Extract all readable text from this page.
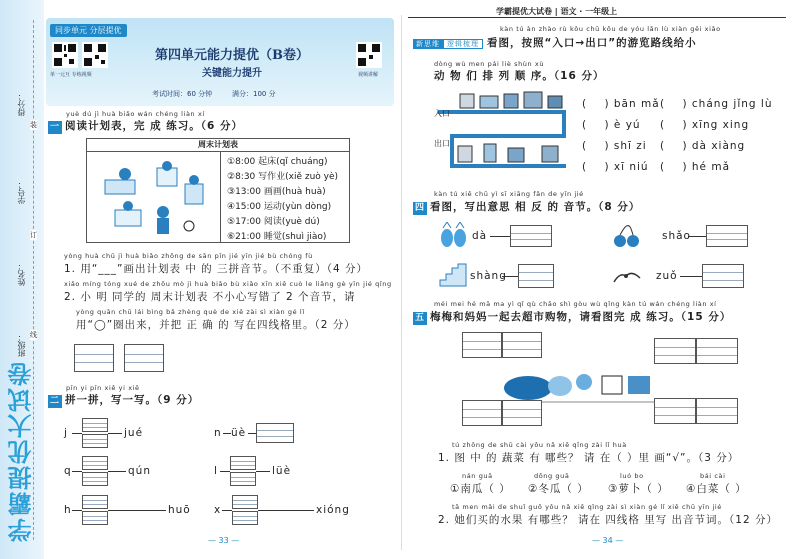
学霸提优大试卷
得分：
学号：
姓名：
班级：
装
订
线
同步单元 分层提优
单一元互 专练视频	视频讲解
第四单元能力提优（B卷）
关键能力提升
考试时间：60 分钟	满分：100 分
yuè dú jì huà biǎo wán chéng liàn xí
一 阅读计划表，完 成 练习。（6 分）
周末计划表
①8:00 起床(qǐ chuáng)
②8:30 写作业(xiě zuò yè)
③13:00 画画(huà huà)
④15:00 运动(yùn dòng)
⑤17:00 阅读(yuè dú)
⑥21:00 睡觉(shuì jiào)
yòng huà chū jì huà biǎo zhōng de sān pīn jié yīn jié bù chóng fù
1. 用“___”画出计划表 中 的 三拼音节。（不重复）（4 分）
xiǎo míng tóng xué de zhōu mò jì huà biǎo bù xiǎo xīn xiě cuò le liǎng gè yīn jié qǐng
2. 小 明 同学的 周末计划表 不小心写错了 2 个音节，请
yòng quān chū lái bìng bǎ zhèng què de xiě zài sì xiàn gé lǐ
用“◯”圈出来，并把 正 确 的 写在四线格里。（2 分）
pīn yi pīn xiě yi xiě
二 拼一拼，写一写。（9 分）
j	jué	n üè
q	qún	l	lüè
h	huō x	xióng
— 33 —
学霸提优大试卷 | 语文 · 一年级上
kàn tú àn zhào rù kǒu chū kǒu de yóu lǎn lù xiàn gěi xiǎo
新思维 逻辑梳理 看图，按照“入口→出口”的游览路线给小
dòng wù men pái liè shùn xù
动 物 们 排 列 顺 序。（16 分）
入口
出口
(    ) bān mǎ (    ) cháng jǐng lù
(    ) è yú (    ) xīng xing
(    ) shī zi (    ) dà xiàng
(    ) xī niú (    ) hé mǎ
kàn tú xiě chū yì sī xiāng fǎn de yīn jié
四 看图，写出意思 相 反 的 音节。（8 分）
dà	shǎo
shàng	zuǒ
méi mei hé mā ma yì qǐ qù chāo shì gòu wù qǐng kàn tú wán chéng liàn xí
五 梅梅和妈妈一起去超市购物，请看图完 成 练习。（15 分）
tú zhōng de shū cài yǒu nǎ xiē qǐng zài lǐ huà
1. 图 中 的 蔬菜 有 哪些？ 请 在（ ）里 画“√”。（3 分）
nán guā	dōng guā	luó bo	bái cài
①南瓜（ ） ②冬瓜（ ） ③萝卜（ ） ④白菜（ ）
tā men mǎi de shuǐ guǒ yǒu nǎ xiē qǐng zài sì xiàn gé lǐ xiě chū yīn jié
2. 她们买的水果 有哪些？ 请在 四线格 里写 出音节词。（12 分）
— 34 —
